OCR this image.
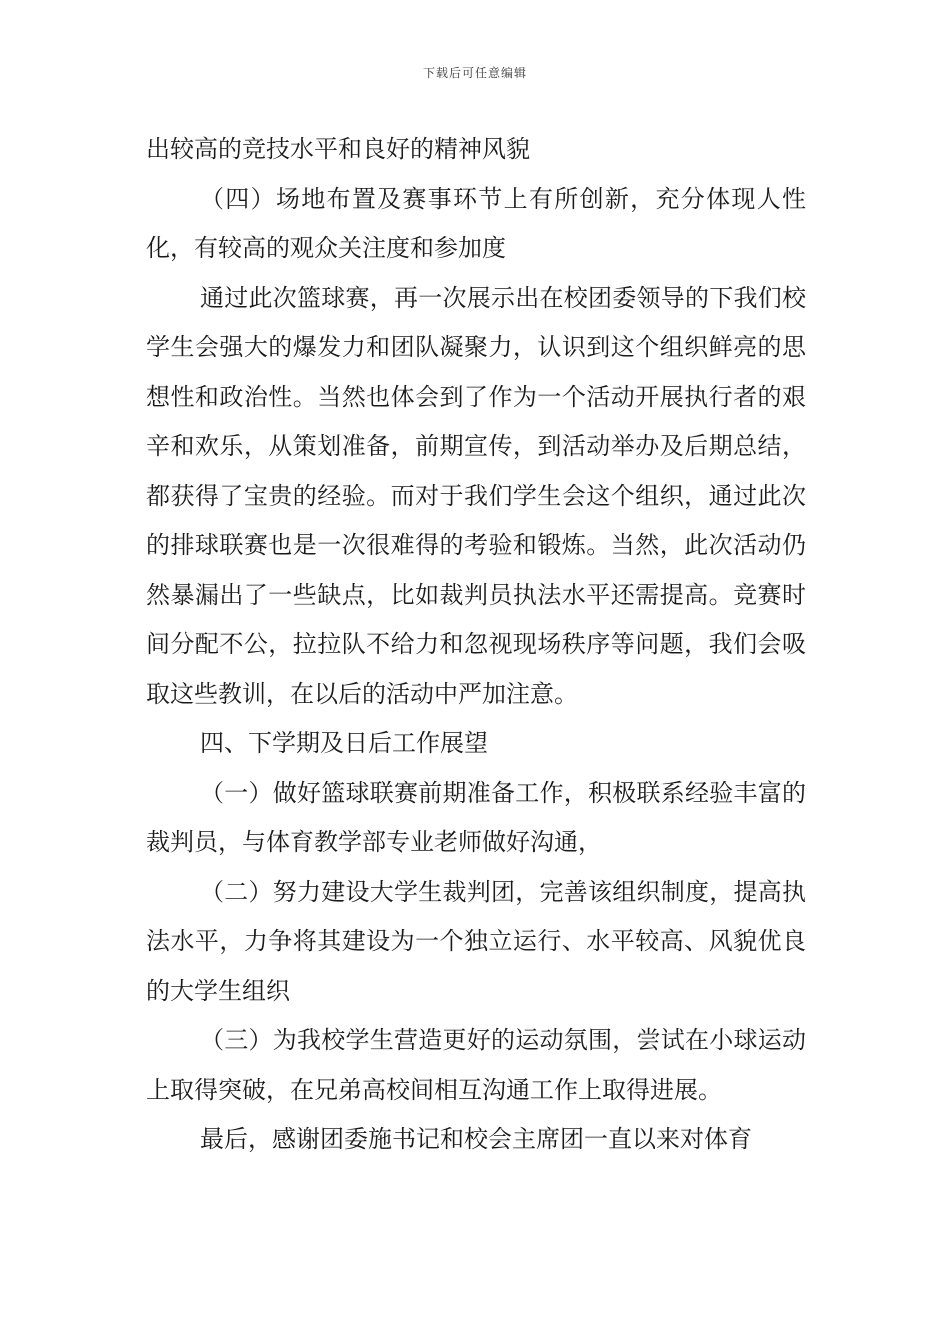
下载后可任意编辑

出较高的竞技水平和良好的精神风貌

（四）场地布置及赛事环节上有所创新，充分体现人性化，有较高的观众关注度和参加度

通过此次篮球赛，再一次展示出在校团委领导的下我们校学生会强大的爆发力和团队凝聚力，认识到这个组织鲜亮的思想性和政治性。当然也体会到了作为一个活动开展执行者的艰辛和欢乐，从策划准备，前期宣传，到活动举办及后期总结，都获得了宝贵的经验。而对于我们学生会这个组织，通过此次的排球联赛也是一次很难得的考验和锻炼。当然，此次活动仍然暴漏出了一些缺点，比如裁判员执法水平还需提高。竞赛时间分配不公，拉拉队不给力和忽视现场秩序等问题，我们会吸取这些教训，在以后的活动中严加注意。

四、下学期及日后工作展望

（一）做好篮球联赛前期准备工作，积极联系经验丰富的裁判员，与体育教学部专业老师做好沟通，

（二）努力建设大学生裁判团，完善该组织制度，提高执法水平，力争将其建设为一个独立运行、水平较高、风貌优良的大学生组织

（三）为我校学生营造更好的运动氛围，尝试在小球运动上取得突破，在兄弟高校间相互沟通工作上取得进展。

最后，感谢团委施书记和校会主席团一直以来对体育
